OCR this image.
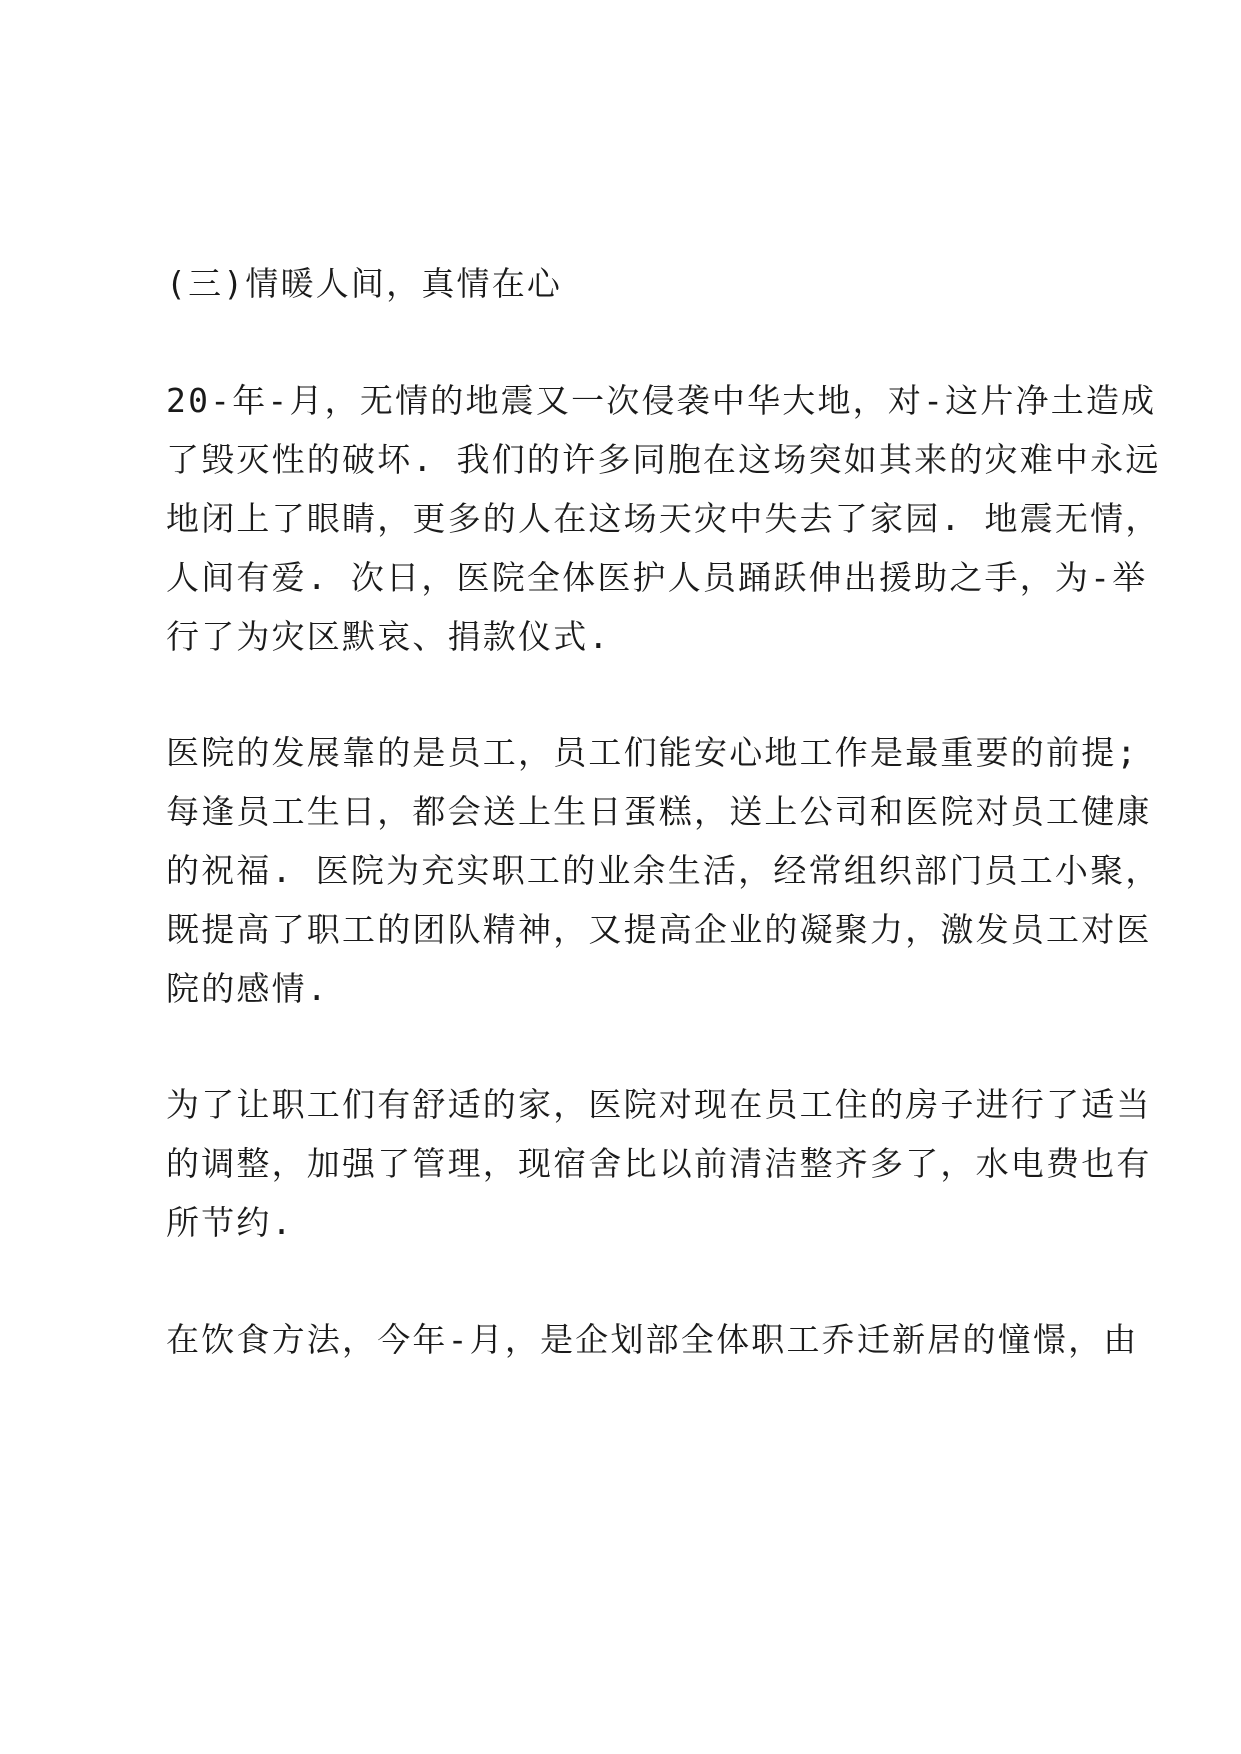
(三)情暖人间，真情在心
20-年-月，无情的地震又一次侵袭中华大地，对-这片净土造成
了毁灭性的破坏. 我们的许多同胞在这场突如其来的灾难中永远
地闭上了眼睛，更多的人在这场天灾中失去了家园. 地震无情，
人间有爱. 次日，医院全体医护人员踊跃伸出援助之手，为-举
行了为灾区默哀、捐款仪式.
医院的发展靠的是员工，员工们能安心地工作是最重要的前提;
每逢员工生日，都会送上生日蛋糕，送上公司和医院对员工健康
的祝福. 医院为充实职工的业余生活，经常组织部门员工小聚，
既提高了职工的团队精神，又提高企业的凝聚力，激发员工对医
院的感情.
为了让职工们有舒适的家，医院对现在员工住的房子进行了适当
的调整，加强了管理，现宿舍比以前清洁整齐多了，水电费也有
所节约.
在饮食方法，今年-月，是企划部全体职工乔迁新居的憧憬，由
